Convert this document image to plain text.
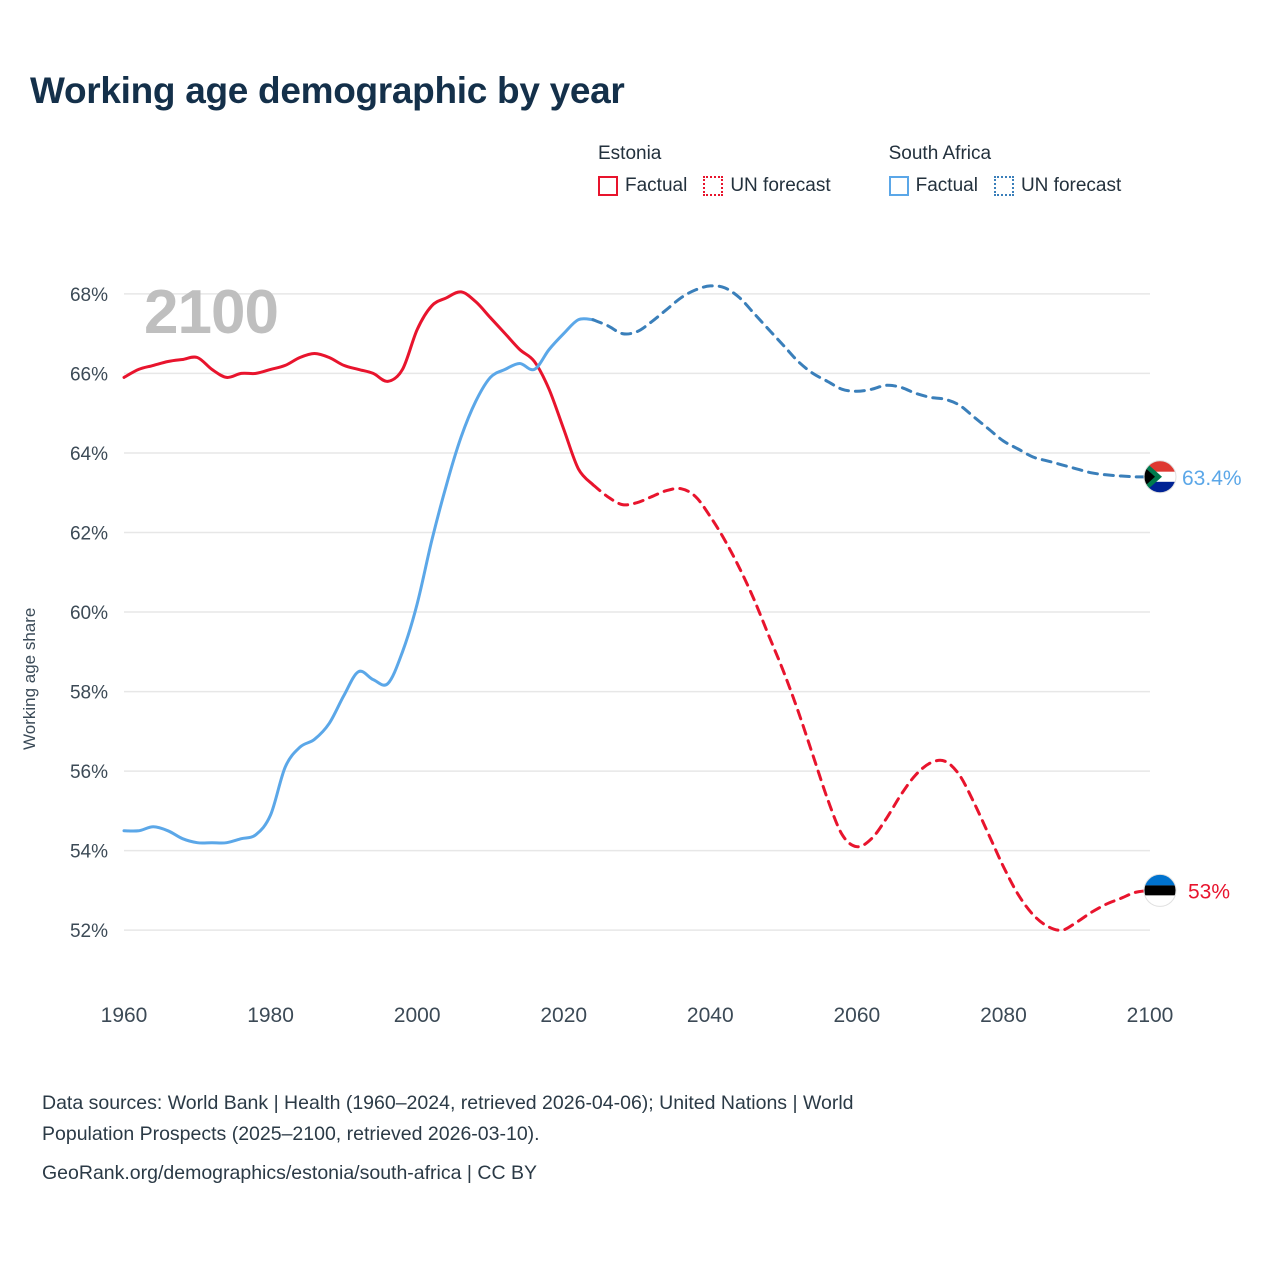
Working age demographic by year
Estonia
Factual UN forecast
South Africa
Factual UN forecast
2100
Working age share
52%
54%
56%
58%
60%
62%
64%
66%
68%
1960	1980	2000	2020	2040	2060	2080	2100
63.4%
53%
Data sources: World Bank | Health (1960–2024, retrieved 2026-04-06); United Nations | World
Population Prospects (2025–2100, retrieved 2026-03-10).
GeoRank.org/demographics/estonia/south-africa | CC BY
